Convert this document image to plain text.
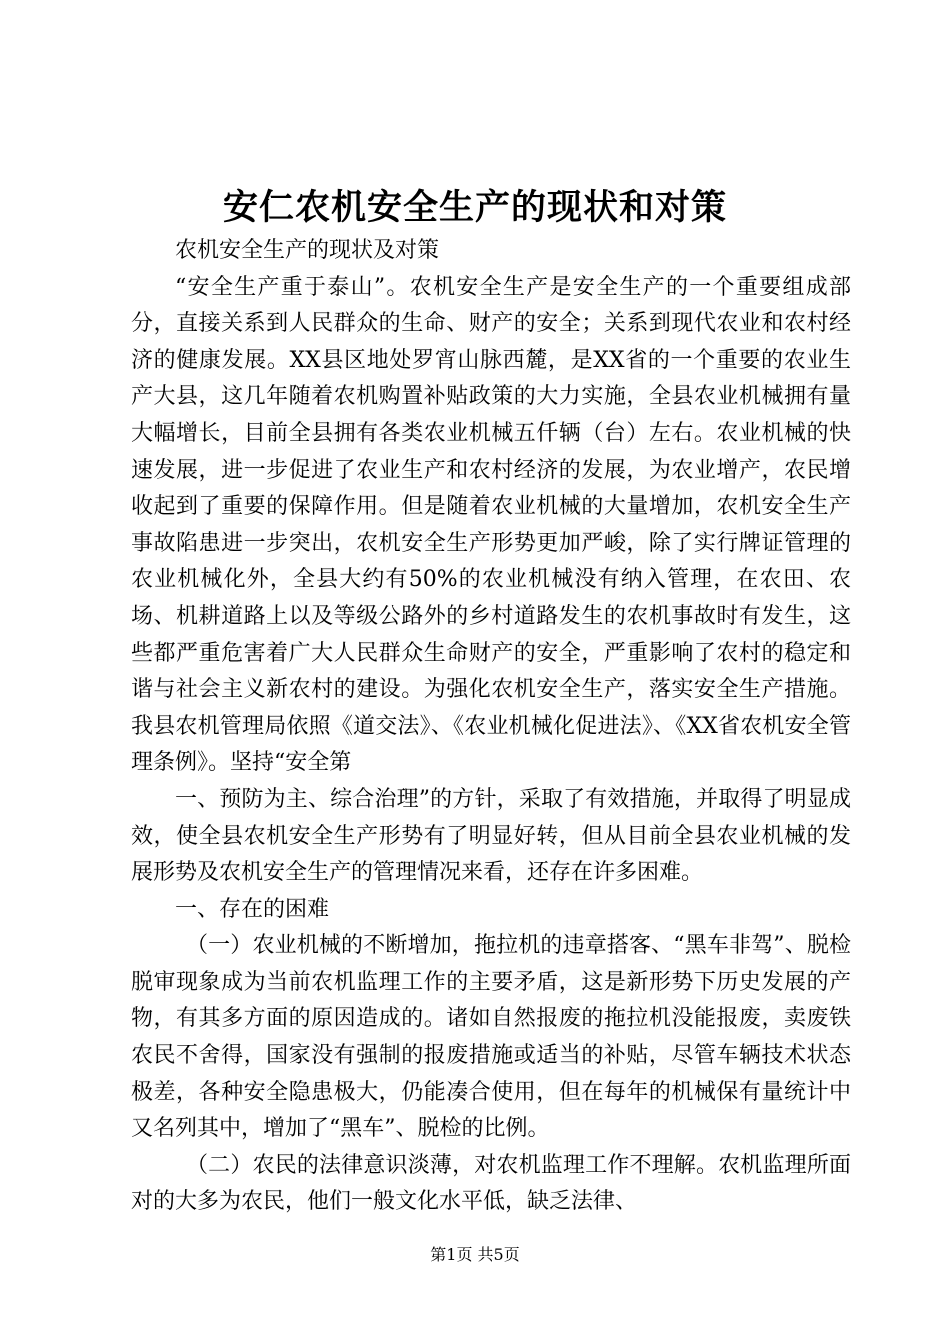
安仁农机安全生产的现状和对策

农机安全生产的现状及对策

“安全生产重于泰山”。农机安全生产是安全生产的一个重要组成部分，直接关系到人民群众的生命、财产的安全；关系到现代农业和农村经济的健康发展。XX县区地处罗宵山脉西麓，是XX省的一个重要的农业生产大县，这几年随着农机购置补贴政策的大力实施，全县农业机械拥有量大幅增长，目前全县拥有各类农业机械五仟辆（台）左右。农业机械的快速发展，进一步促进了农业生产和农村经济的发展，为农业增产，农民增收起到了重要的保障作用。但是随着农业机械的大量增加，农机安全生产事故陷患进一步突出，农机安全生产形势更加严峻，除了实行牌证管理的农业机械化外，全县大约有50%的农业机械没有纳入管理，在农田、农场、机耕道路上以及等级公路外的乡村道路发生的农机事故时有发生，这些都严重危害着广大人民群众生命财产的安全，严重影响了农村的稳定和谐与社会主义新农村的建设。为强化农机安全生产，落实安全生产措施。我县农机管理局依照《道交法》、《农业机械化促进法》、《XX省农机安全管理条例》。坚持“安全第

一、预防为主、综合治理”的方针，采取了有效措施，并取得了明显成效，使全县农机安全生产形势有了明显好转，但从目前全县农业机械的发展形势及农机安全生产的管理情况来看，还存在许多困难。

一、存在的困难

（一）农业机械的不断增加，拖拉机的违章搭客、“黑车非驾”、脱检脱审现象成为当前农机监理工作的主要矛盾，这是新形势下历史发展的产物，有其多方面的原因造成的。诸如自然报废的拖拉机没能报废，卖废铁农民不舍得，国家没有强制的报废措施或适当的补贴，尽管车辆技术状态极差，各种安全隐患极大，仍能凑合使用，但在每年的机械保有量统计中又名列其中，增加了“黑车”、脱检的比例。

（二）农民的法律意识淡薄，对农机监理工作不理解。农机监理所面对的大多为农民，他们一般文化水平低，缺乏法律、

第1页 共5页
